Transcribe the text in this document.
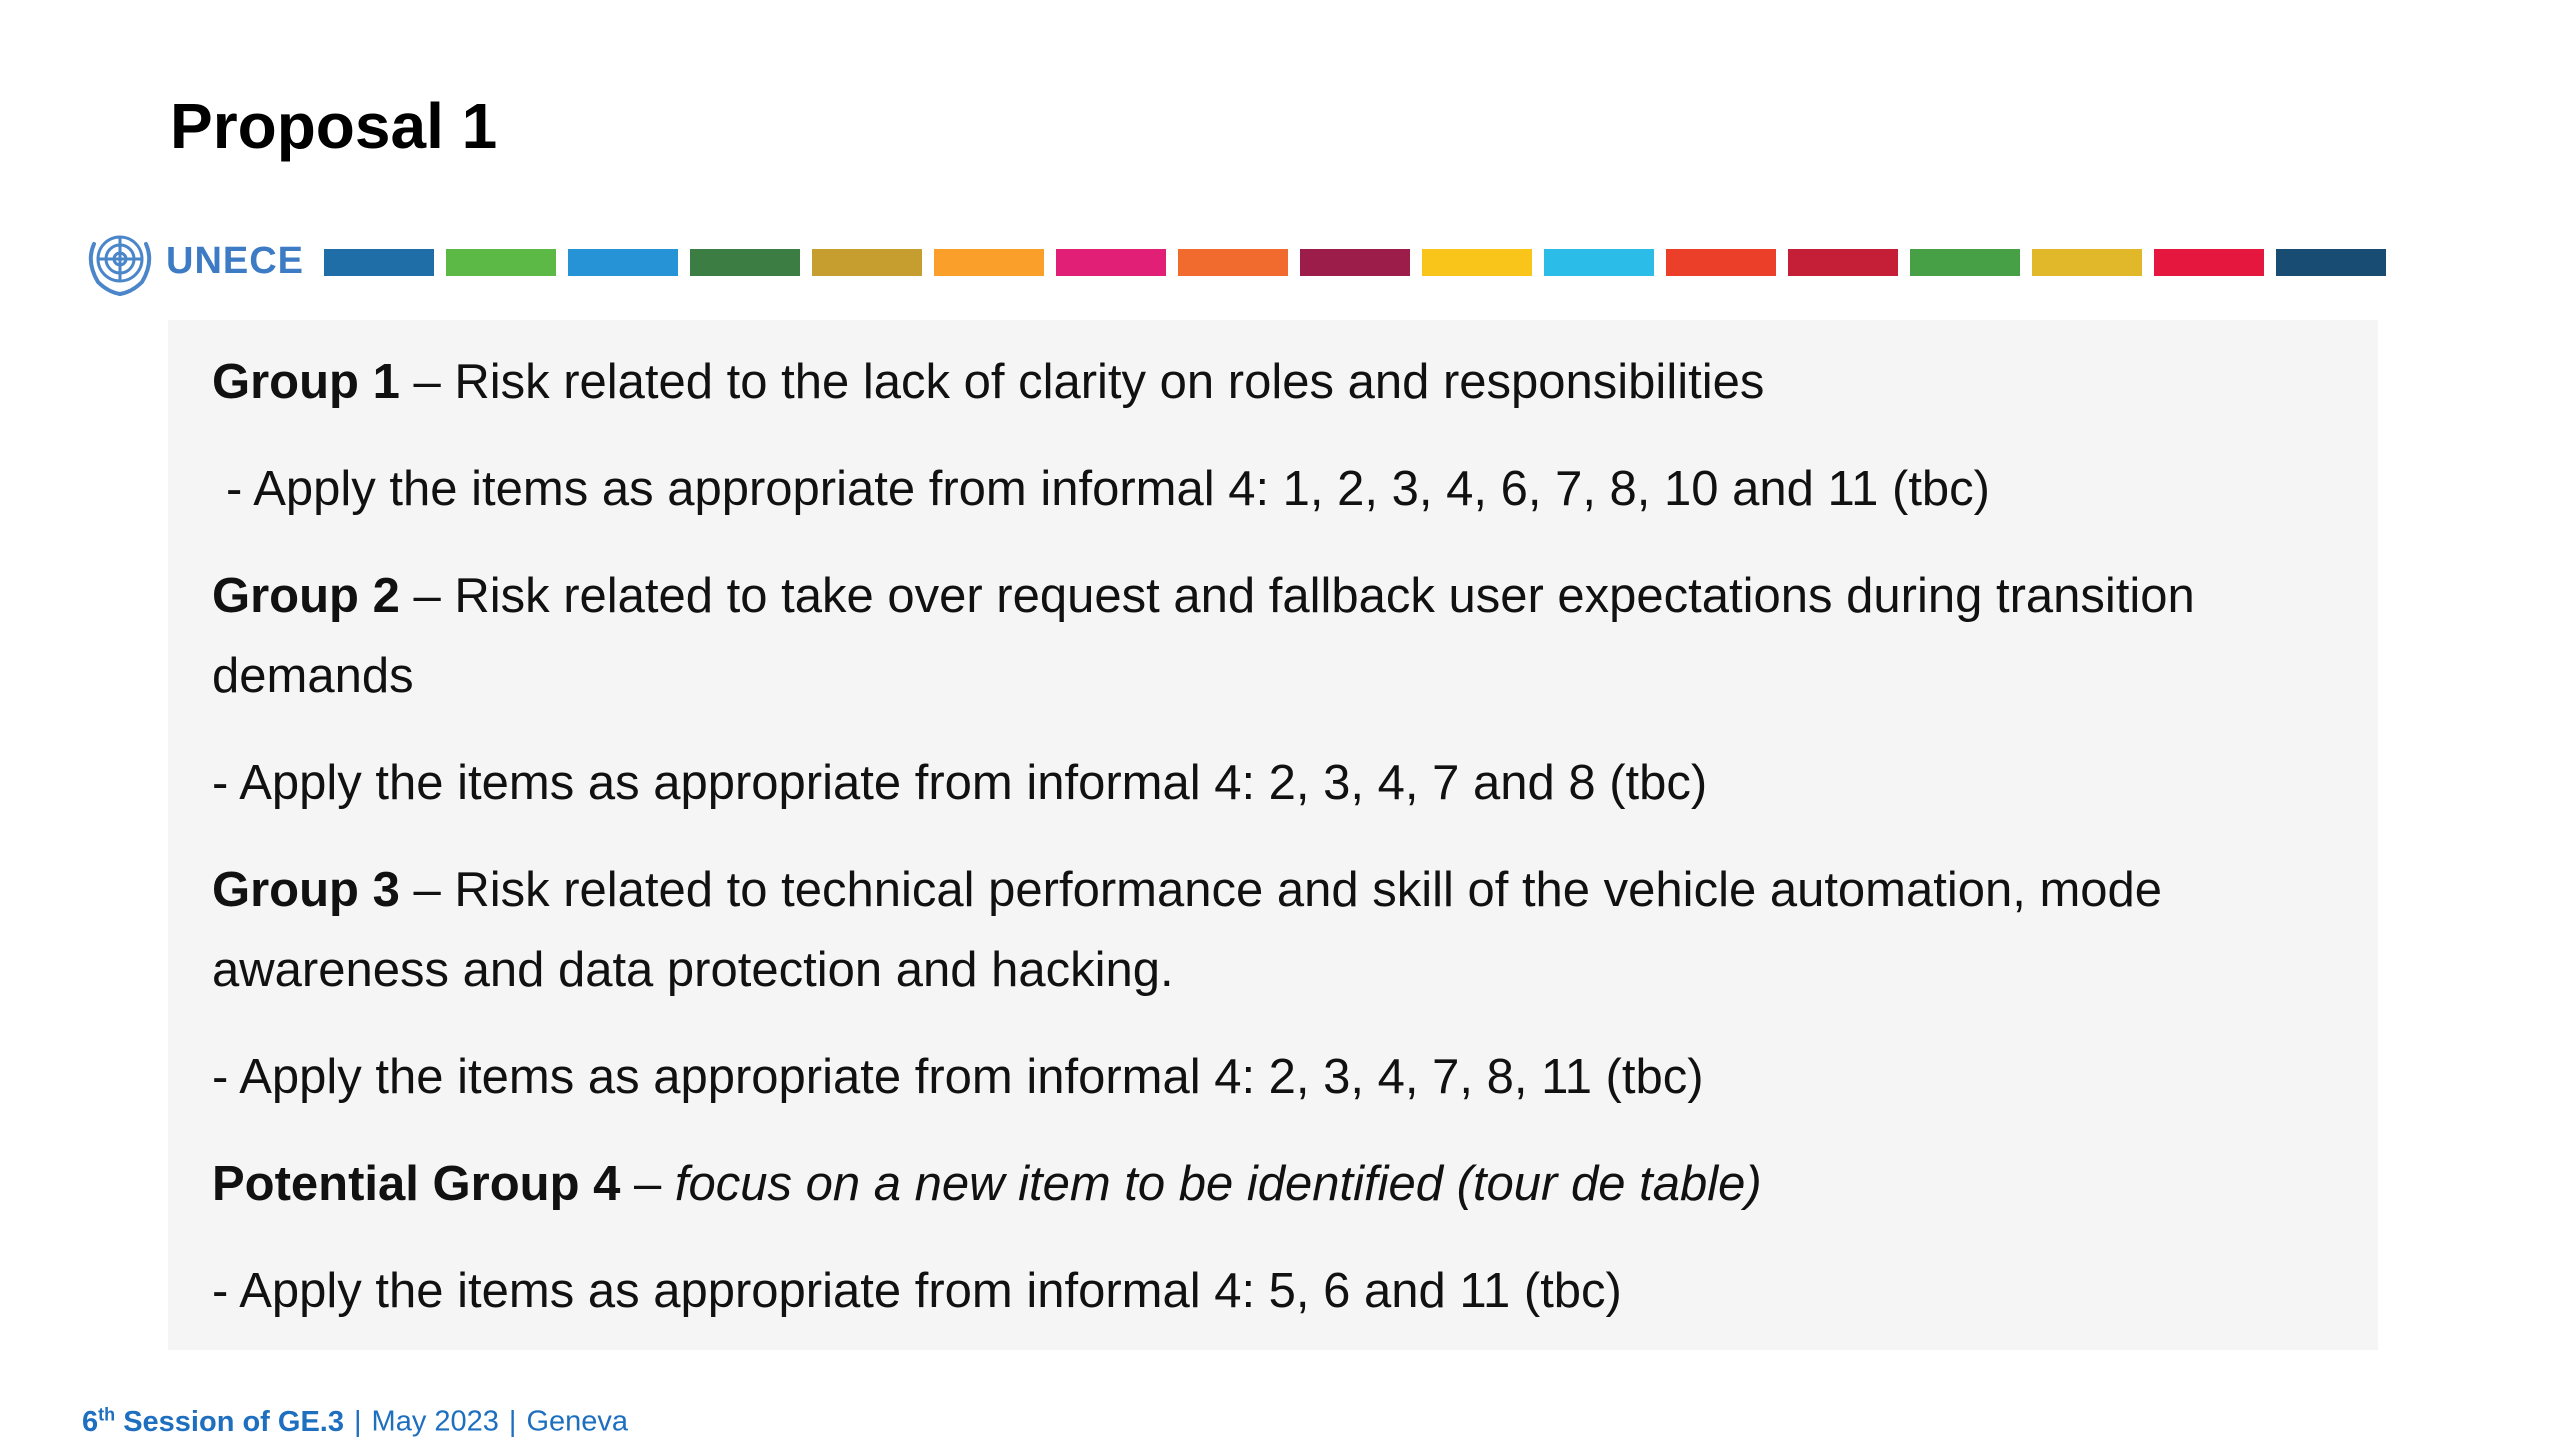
Proposal 1
UNECE

Group 1 – Risk related to the lack of clarity on roles and responsibilities

- Apply the items as appropriate from informal 4: 1, 2, 3, 4, 6, 7, 8, 10 and 11 (tbc)

Group 2 – Risk related to take over request and fallback user expectations during transition demands

- Apply the items as appropriate from informal 4: 2, 3, 4, 7 and 8 (tbc)

Group 3 – Risk related to technical performance and skill of the vehicle automation, mode awareness and data protection and hacking.

- Apply the items as appropriate from informal 4: 2, 3, 4, 7, 8, 11 (tbc)

Potential Group 4 – focus on a new item to be identified (tour de table)

- Apply the items as appropriate from informal 4: 5, 6 and 11 (tbc)

6th Session of GE.3 | May 2023 | Geneva
